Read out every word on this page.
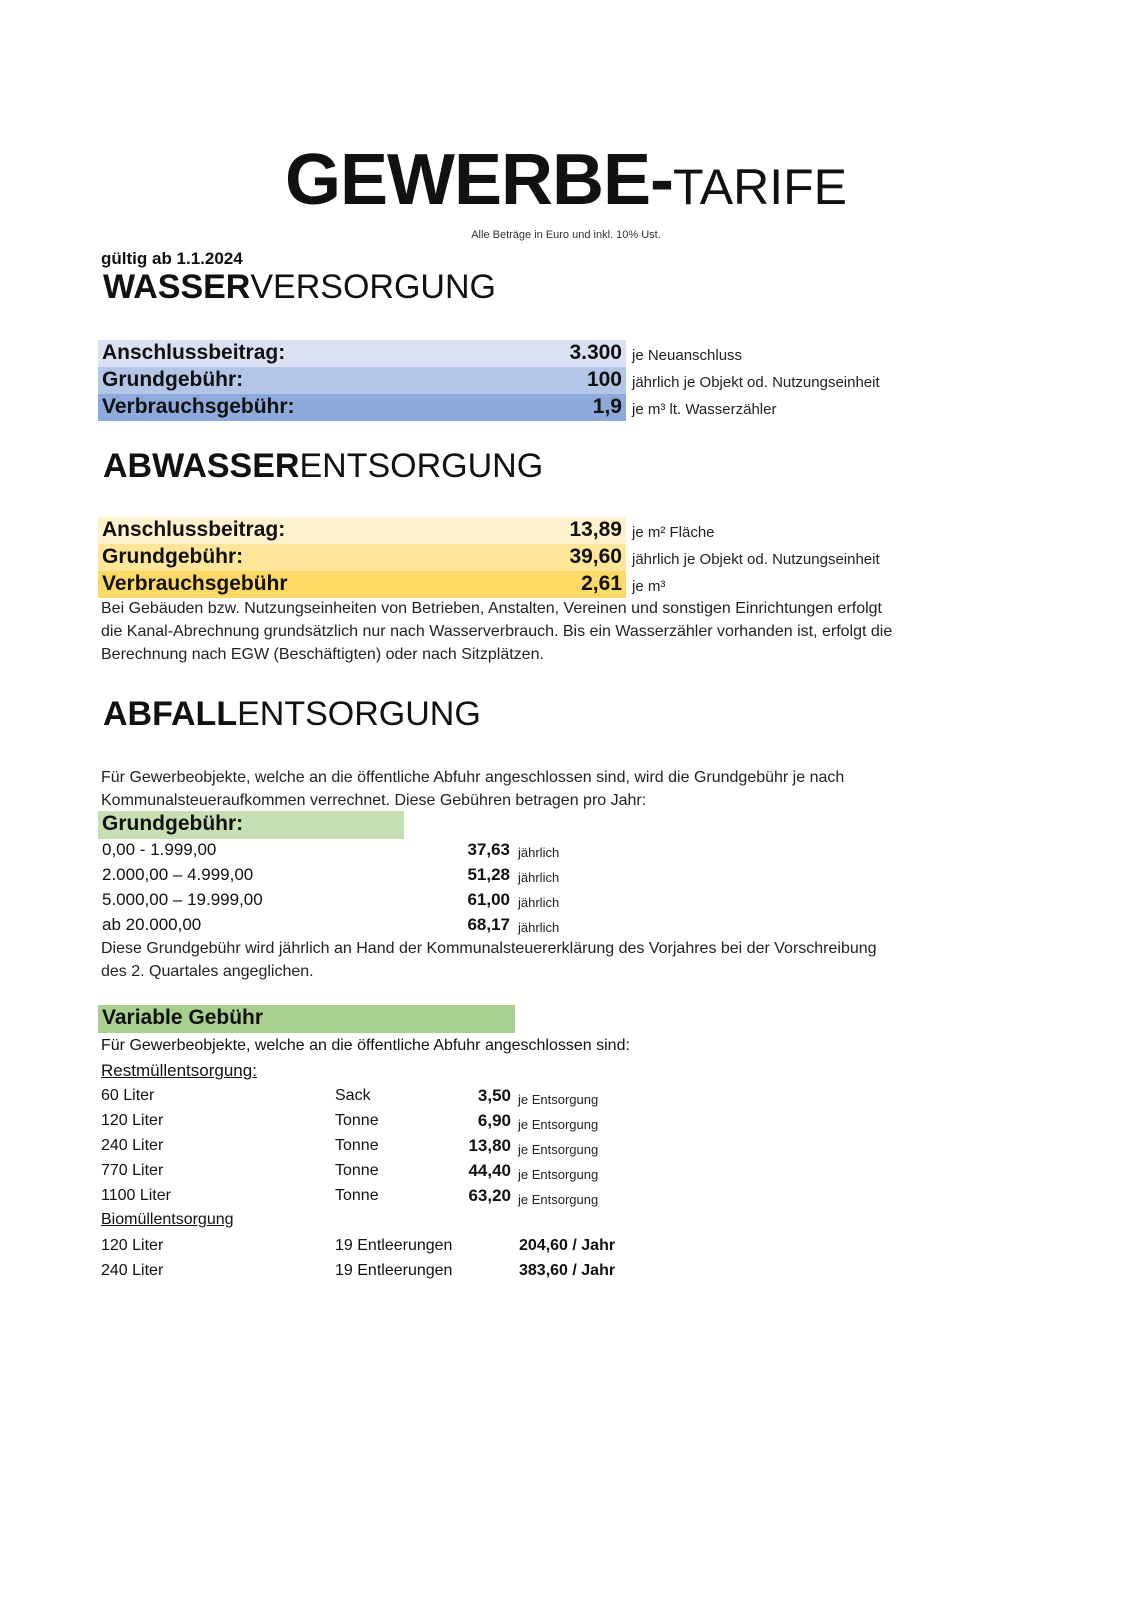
GEWERBE-TARIFE
Alle Beträge in Euro und inkl. 10% Ust.
gültig ab 1.1.2024
WASSERVERSORGUNG
Anschlussbeitrag:	3.300 je Neuanschluss
Grundgebühr:	100 jährlich je Objekt od. Nutzungseinheit
Verbrauchsgebühr:	1,9 je m³ lt. Wasserzähler
ABWASSERENTSORGUNG
Anschlussbeitrag:	13,89 je m² Fläche
Grundgebühr:	39,60 jährlich je Objekt od. Nutzungseinheit
Verbrauchsgebühr	2,61 je m³
Bei Gebäuden bzw. Nutzungseinheiten von Betrieben, Anstalten, Vereinen und sonstigen Einrichtungen erfolgt
die Kanal-Abrechnung grundsätzlich nur nach Wasserverbrauch. Bis ein Wasserzähler vorhanden ist, erfolgt die
Berechnung nach EGW (Beschäftigten) oder nach Sitzplätzen.
ABFALLENTSORGUNG
Für Gewerbeobjekte, welche an die öffentliche Abfuhr angeschlossen sind, wird die Grundgebühr je nach
Kommunalsteueraufkommen verrechnet. Diese Gebühren betragen pro Jahr:
Grundgebühr:
0,00 - 1.999,00	37,63 jährlich
2.000,00 – 4.999,00	51,28 jährlich
5.000,00 – 19.999,00	61,00 jährlich
ab 20.000,00	68,17 jährlich
Diese Grundgebühr wird jährlich an Hand der Kommunalsteuererklärung des Vorjahres bei der Vorschreibung
des 2. Quartales angeglichen.
Variable Gebühr
Für Gewerbeobjekte, welche an die öffentliche Abfuhr angeschlossen sind:
Restmüllentsorgung:
60 Liter	Sack	3,50 je Entsorgung
120 Liter	Tonne	6,90 je Entsorgung
240 Liter	Tonne	13,80 je Entsorgung
770 Liter	Tonne	44,40 je Entsorgung
1100 Liter	Tonne	63,20 je Entsorgung
Biomüllentsorgung
120 Liter	19 Entleerungen	204,60 / Jahr
240 Liter	19 Entleerungen	383,60 / Jahr
